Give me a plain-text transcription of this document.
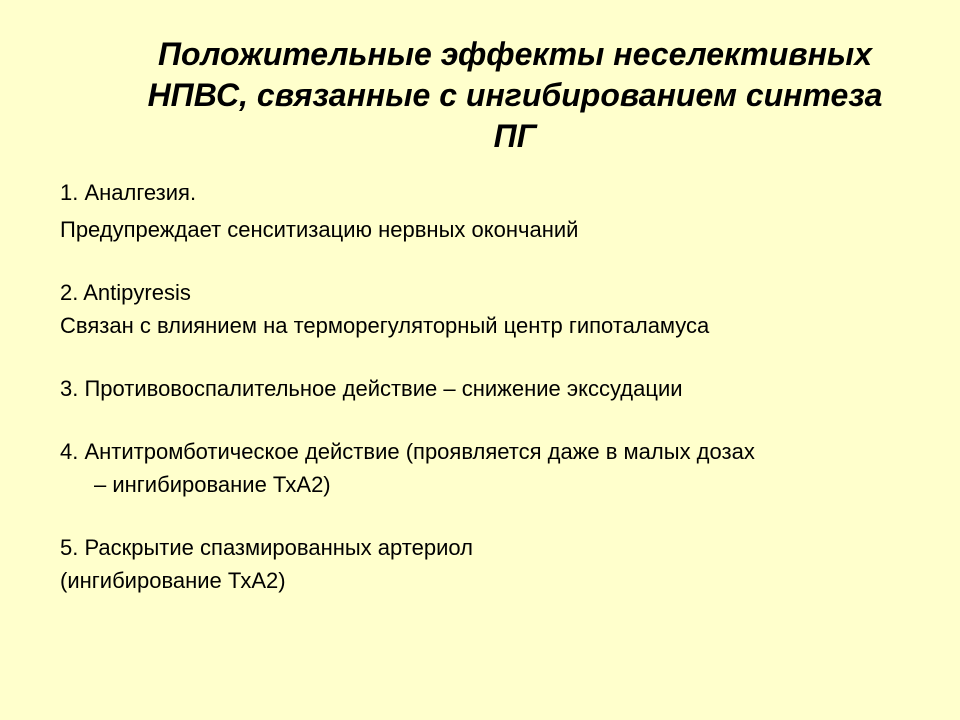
Положительные эффекты неселективных
НПВС, связанные с ингибированием синтеза
ПГ

1. Аналгезия.

Предупреждает сенситизацию нервных окончаний

2. Antipyresis

Связан с влиянием на терморегуляторный центр гипоталамуса

3. Противовоспалительное действие – снижение экссудации

4. Антитромботическое действие (проявляется даже в малых дозах

– ингибирование ТхА2)

5. Раскрытие спазмированных артериол

(ингибирование ТхА2)
